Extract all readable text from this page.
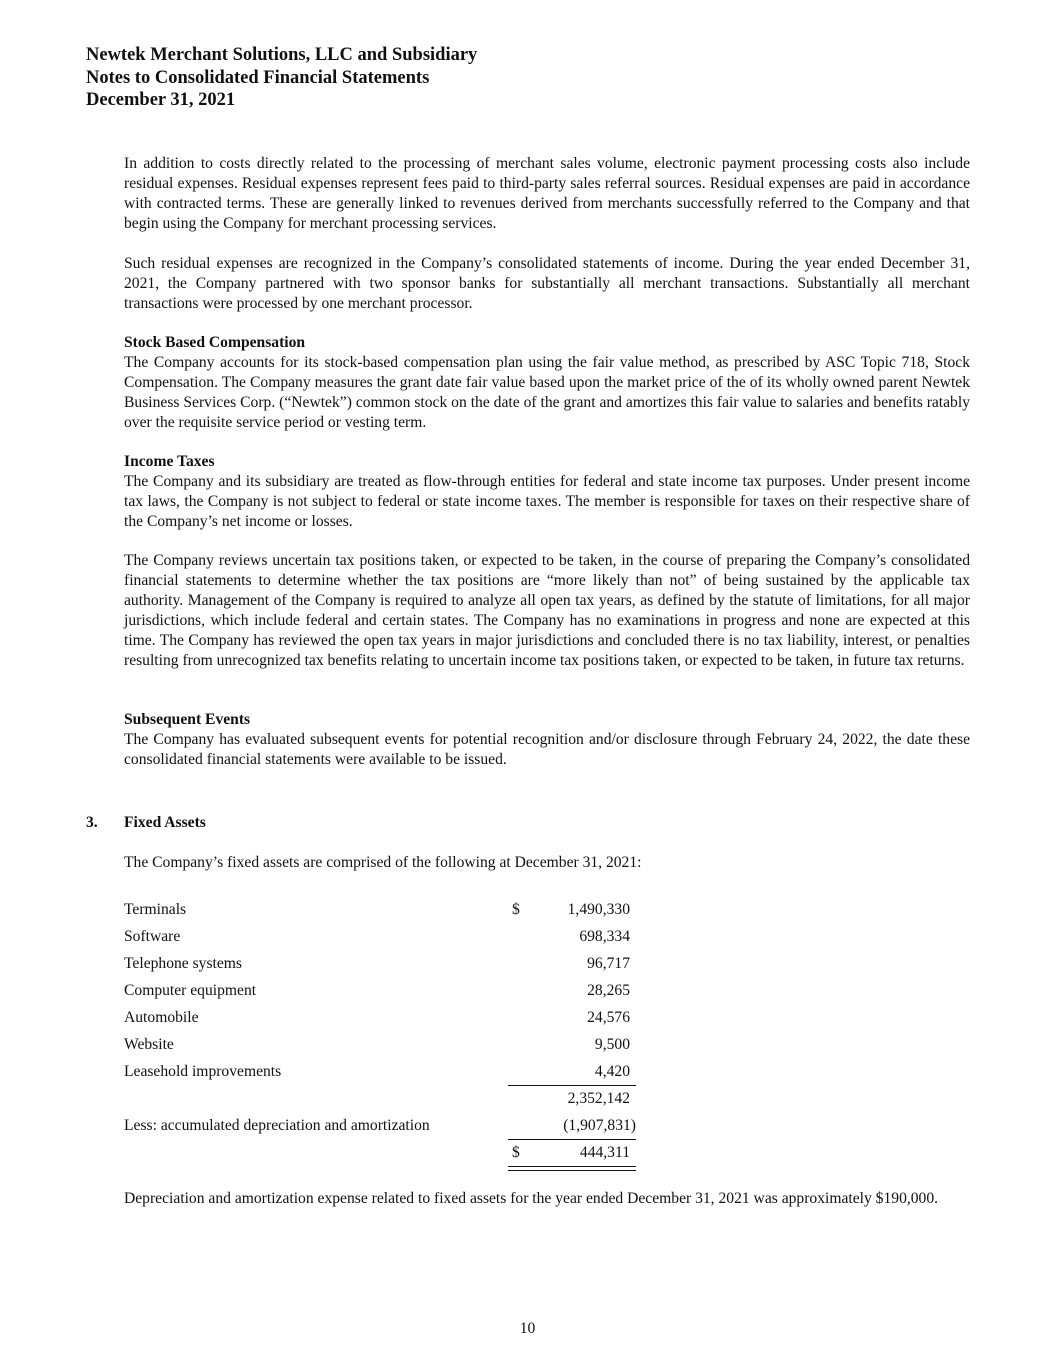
Newtek Merchant Solutions, LLC and Subsidiary
Notes to Consolidated Financial Statements
December 31, 2021

In addition to costs directly related to the processing of merchant sales volume, electronic payment processing costs also include residual expenses. Residual expenses represent fees paid to third-party sales referral sources. Residual expenses are paid in accordance with contracted terms. These are generally linked to revenues derived from merchants successfully referred to the Company and that begin using the Company for merchant processing services.

Such residual expenses are recognized in the Company’s consolidated statements of income. During the year ended December 31, 2021, the Company partnered with two sponsor banks for substantially all merchant transactions. Substantially all merchant transactions were processed by one merchant processor.

Stock Based Compensation
The Company accounts for its stock-based compensation plan using the fair value method, as prescribed by ASC Topic 718, Stock Compensation. The Company measures the grant date fair value based upon the market price of the of its wholly owned parent Newtek Business Services Corp. (“Newtek”) common stock on the date of the grant and amortizes this fair value to salaries and benefits ratably over the requisite service period or vesting term.
Income Taxes
The Company and its subsidiary are treated as flow-through entities for federal and state income tax purposes. Under present income tax laws, the Company is not subject to federal or state income taxes. The member is responsible for taxes on their respective share of the Company’s net income or losses.

The Company reviews uncertain tax positions taken, or expected to be taken, in the course of preparing the Company’s consolidated financial statements to determine whether the tax positions are “more likely than not” of being sustained by the applicable tax authority. Management of the Company is required to analyze all open tax years, as defined by the statute of limitations, for all major jurisdictions, which include federal and certain states. The Company has no examinations in progress and none are expected at this time. The Company has reviewed the open tax years in major jurisdictions and concluded there is no tax liability, interest, or penalties resulting from unrecognized tax benefits relating to uncertain income tax positions taken, or expected to be taken, in future tax returns.

Subsequent Events
The Company has evaluated subsequent events for potential recognition and/or disclosure through February 24, 2022, the date these consolidated financial statements were available to be issued.
3. Fixed Assets

The Company’s fixed assets are comprised of the following at December 31, 2021:

Terminals	$	1,490,330
Software	698,334
Telephone systems	96,717
Computer equipment	28,265
Automobile	24,576
Website	9,500
Leasehold improvements	4,420
2,352,142
Less: accumulated depreciation and amortization	(1,907,831)
$	444,311

Depreciation and amortization expense related to fixed assets for the year ended December 31, 2021 was approximately $190,000.

10
